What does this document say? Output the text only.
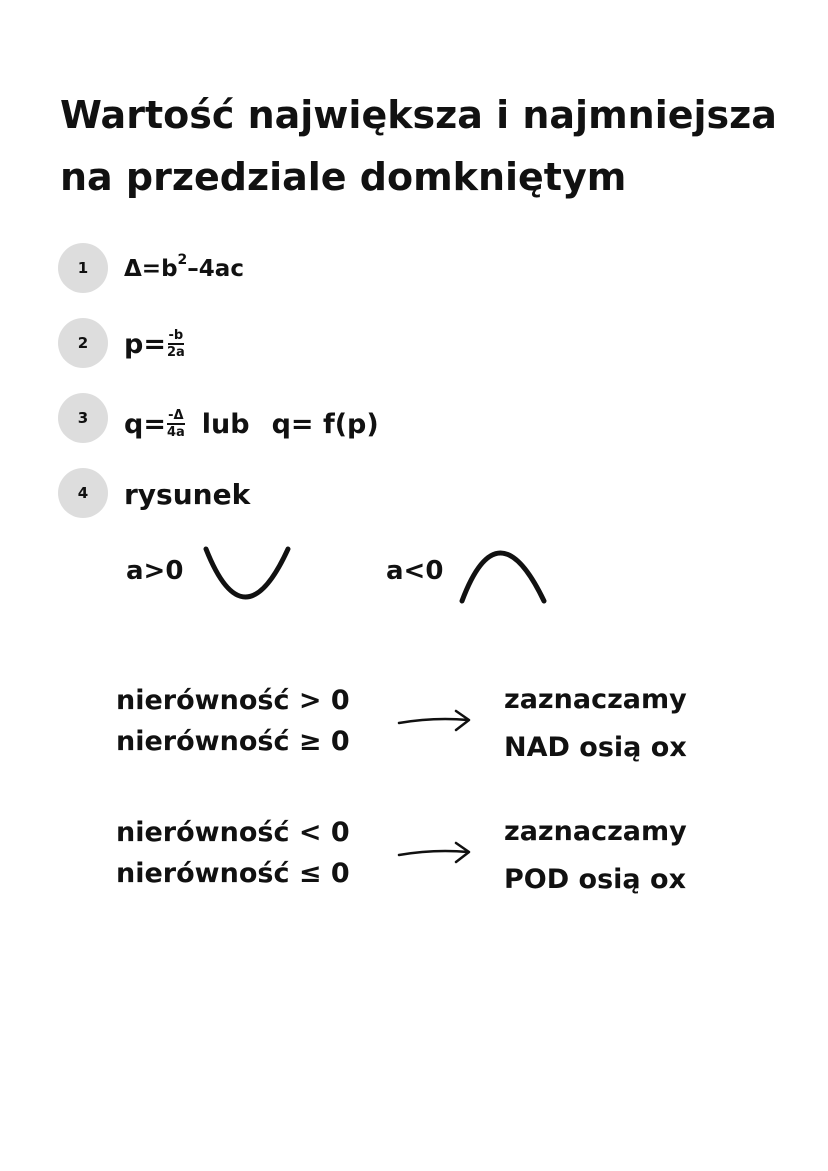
Wartość największa i najmniejsza
na przedziale domkniętym
1	$\Delta=b^2$ –4ac
2	$p= \frac{-b}{2a}$
3	$q= \frac{-\Delta}{4a}$ lub q= f(p)
4	rysunek
a>0	a<0
nierówność > 0
nierówność ≥ 0
zaznaczamy
NAD osią ox
nierówność < 0
nierówność ≤ 0
zaznaczamy
POD osią ox
